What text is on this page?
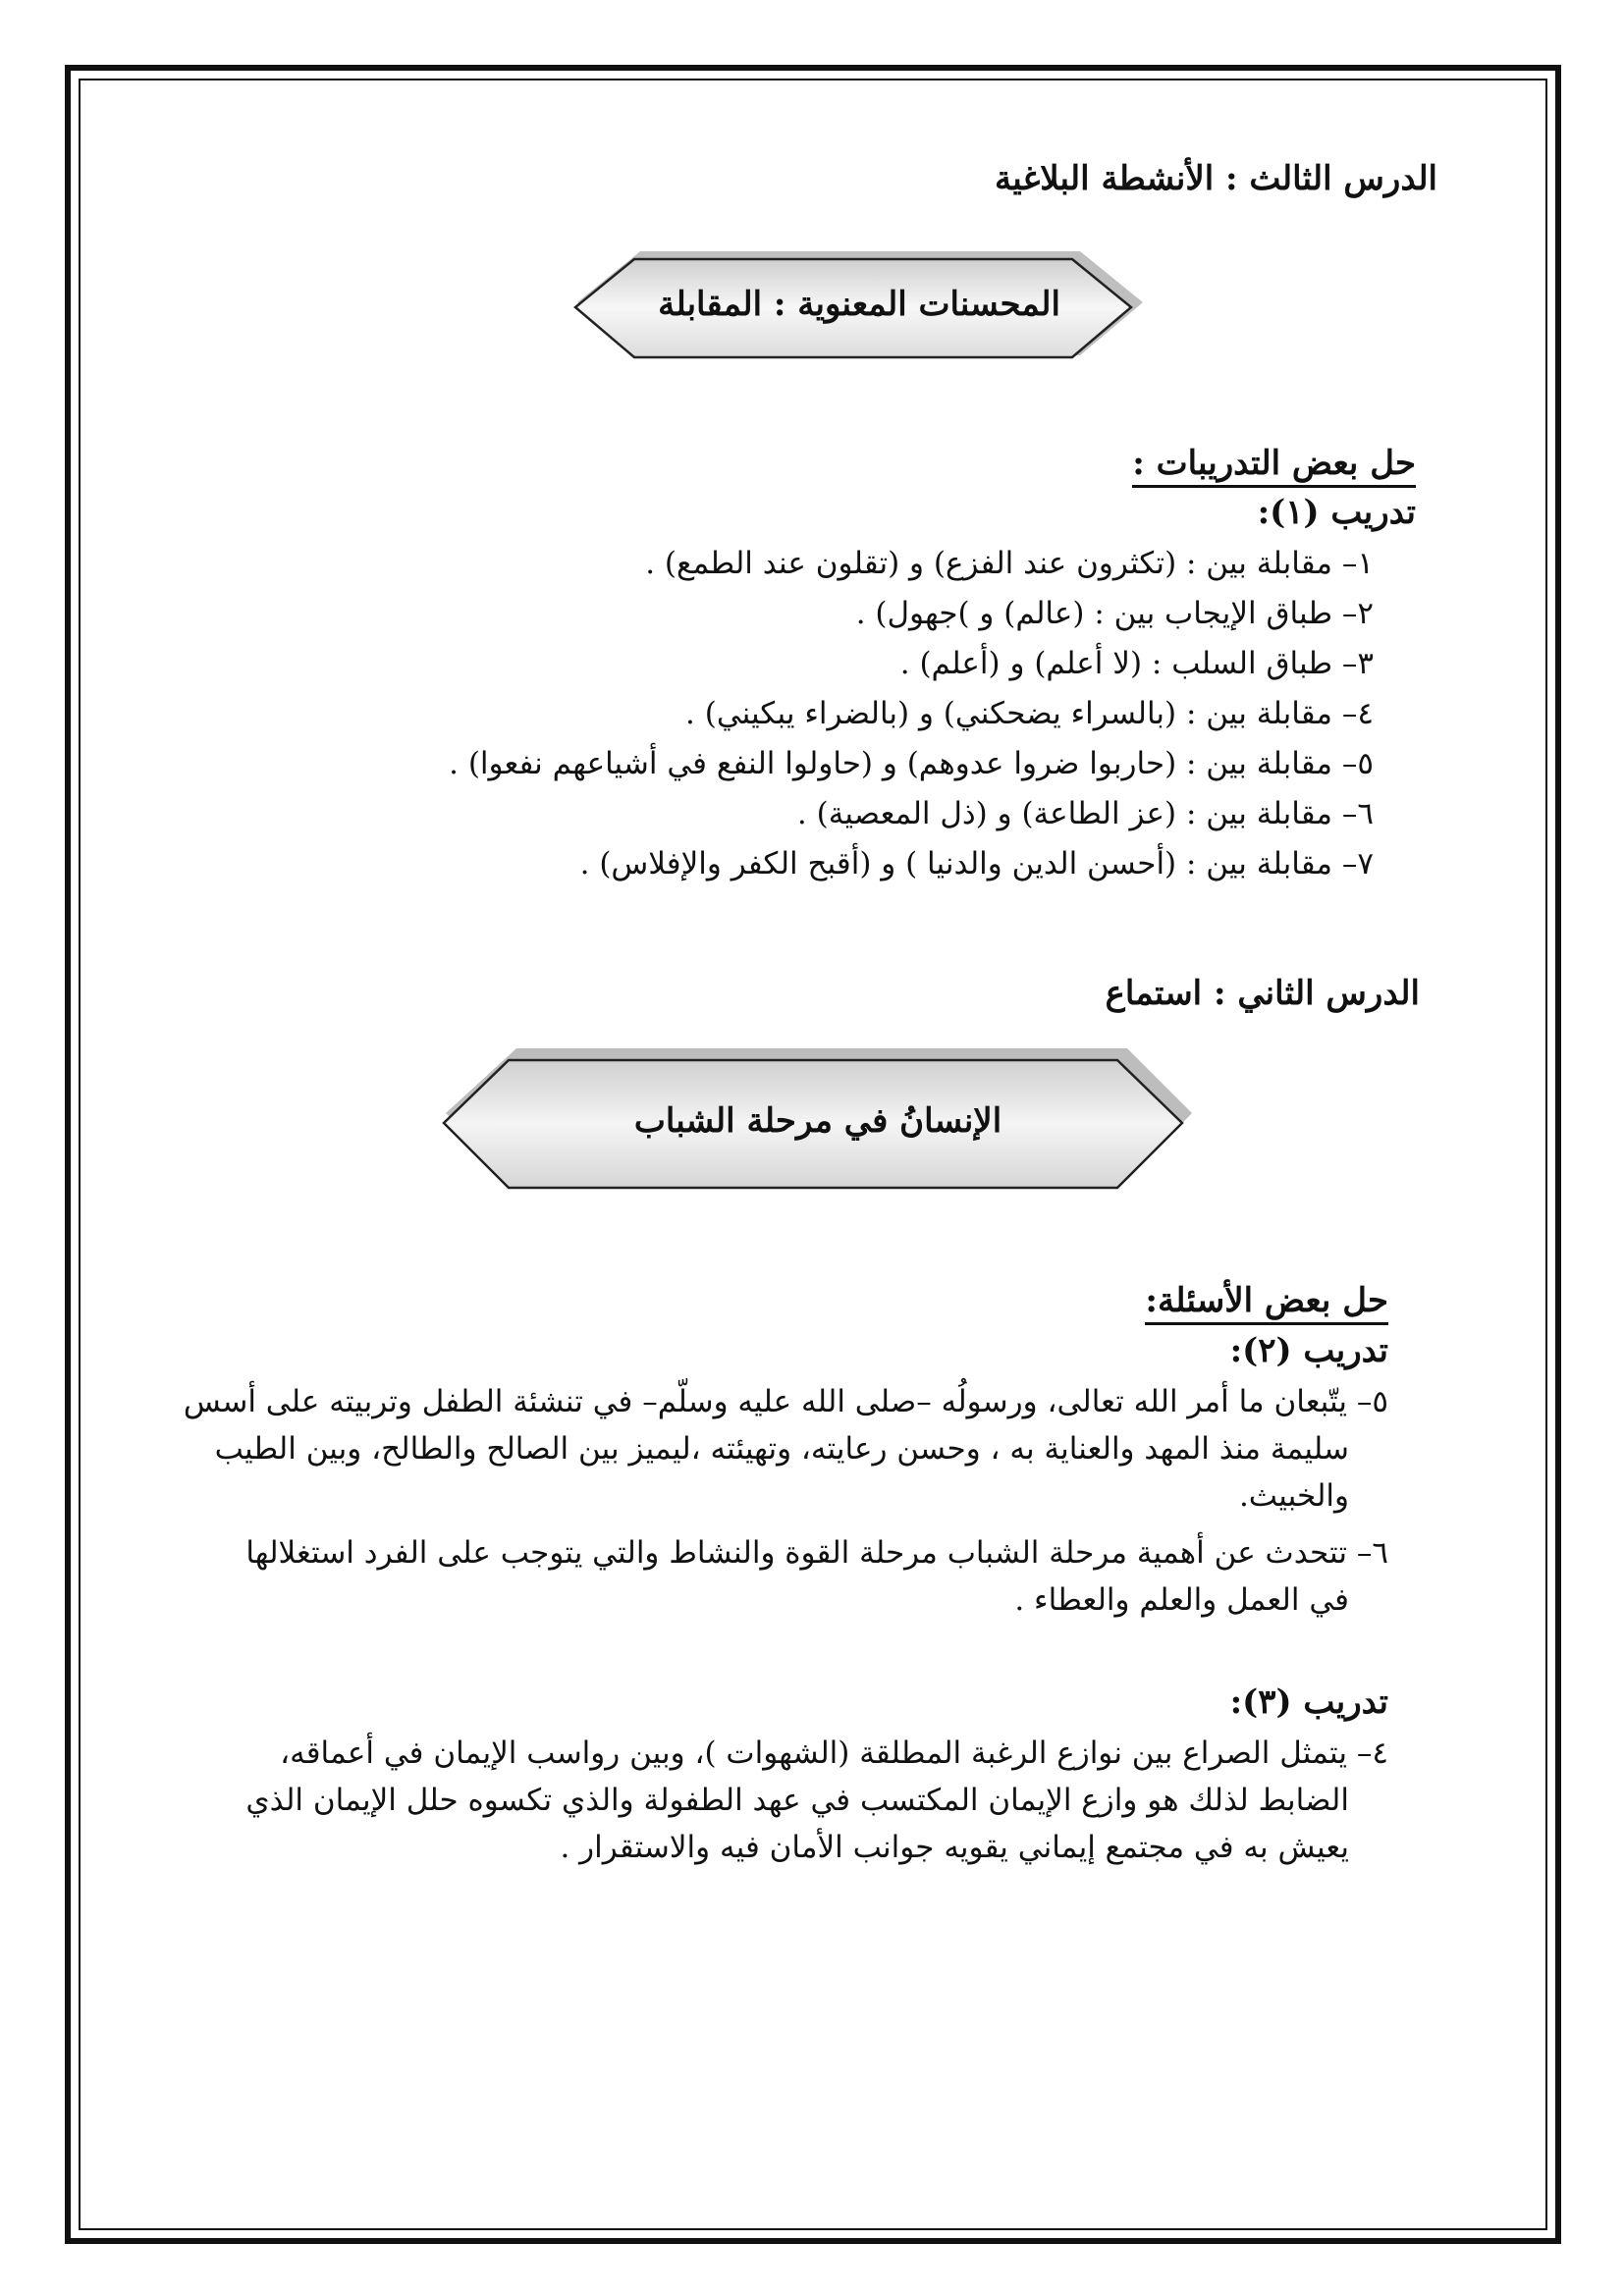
الدرس الثالث : الأنشطة البلاغية
المحسنات المعنوية : المقابلة
حل بعض التدريبات :
تدريب (١):
١– مقابلة بين : (تكثرون عند الفزع) و (تقلون عند الطمع) .
٢– طباق الإيجاب بين : (عالم) و )جهول) .
٣– طباق السلب : (لا أعلم) و (أعلم) .
٤– مقابلة بين : (بالسراء يضحكني) و (بالضراء يبكيني) .
٥– مقابلة بين : (حاربوا ضروا عدوهم) و (حاولوا النفع في أشياعهم نفعوا) .
٦– مقابلة بين : (عز الطاعة) و (ذل المعصية) .
٧– مقابلة بين : (أحسن الدين والدنيا ) و (أقبح الكفر والإفلاس) .
الدرس الثاني : استماع
الإنسانُ في مرحلة الشباب
حل بعض الأسئلة:
تدريب (٢):
٥– يتّبعان ما أمر الله تعالى، ورسولُه –صلى الله عليه وسلّم– في تنشئة الطفل وتربيته على أسس
سليمة منذ المهد والعناية به ، وحسن رعايته، وتهيئته ،ليميز بين الصالح والطالح، وبين الطيب
والخبيث.
٦– تتحدث عن أهمية مرحلة الشباب مرحلة القوة والنشاط والتي يتوجب على الفرد استغلالها
في العمل والعلم والعطاء .
تدريب (٣):
٤– يتمثل الصراع بين نوازع الرغبة المطلقة (الشهوات )، وبين رواسب الإيمان في أعماقه،
الضابط لذلك هو وازع الإيمان المكتسب في عهد الطفولة والذي تكسوه حلل الإيمان الذي
يعيش به في مجتمع إيماني يقويه جوانب الأمان فيه والاستقرار .
